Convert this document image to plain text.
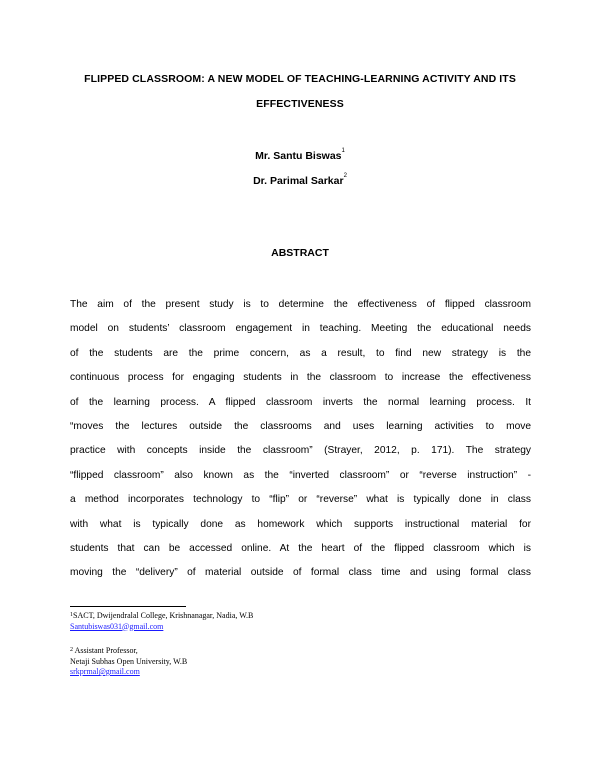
FLIPPED CLASSROOM: A NEW MODEL OF TEACHING-LEARNING ACTIVITY AND ITS
EFFECTIVENESS
Mr. Santu Biswas$^1$
Dr. Parimal Sarkar$^2$
ABSTRACT
The aim of the present study is to determine the effectiveness of flipped classroom
model on students’ classroom engagement in teaching. Meeting the educational needs
of the students are the prime concern, as a result, to find new strategy is the
continuous process for engaging students in the classroom to increase the effectiveness
of the learning process. A flipped classroom inverts the normal learning process. It
“moves the lectures outside the classrooms and uses learning activities to move
practice with concepts inside the classroom” (Strayer, 2012, p. 171). The strategy
“flipped classroom” also known as the “inverted classroom” or “reverse instruction” -
a method incorporates technology to “flip” or “reverse” what is typically done in class
with what is typically done as homework which supports instructional material for
students that can be accessed online. At the heart of the flipped classroom which is
moving the “delivery” of material outside of formal class time and using formal class
$^1$SACT, Dwijendralal College, Krishnanagar, Nadia, W.B
Santubiswas031@gmail.com
$^2$ Assistant Professor,
Netaji Subhas Open University, W.B
srkprmal@gmail.com
